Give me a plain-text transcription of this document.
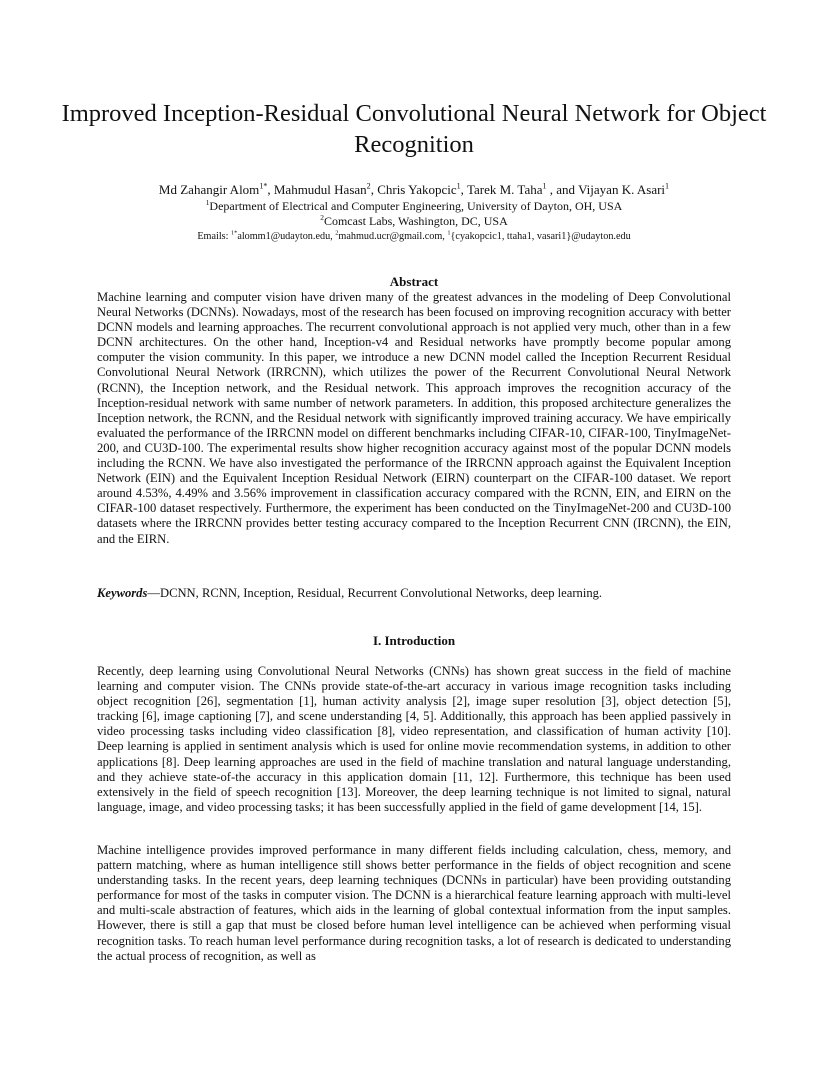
Improved Inception-Residual Convolutional Neural Network for Object Recognition
Md Zahangir Alom$^{1*}$, Mahmudul Hasan$^2$, Chris Yakopcic$^1$, Tarek M. Taha$^1$ , and Vijayan K. Asari$^1$
$^1$Department of Electrical and Computer Engineering, University of Dayton, OH, USA
$^2$Comcast Labs, Washington, DC, USA
Emails: $^{1*}$alomm1@udayton.edu, $^2$mahmud.ucr@gmail.com, $^1${cyakopcic1, ttaha1, vasari1}@udayton.edu
Abstract

Machine learning and computer vision have driven many of the greatest advances in the modeling of Deep Convolutional Neural Networks (DCNNs). Nowadays, most of the research has been focused on improving recognition accuracy with better DCNN models and learning approaches. The recurrent convolutional approach is not applied very much, other than in a few DCNN architectures. On the other hand, Inception-v4 and Residual networks have promptly become popular among computer the vision community. In this paper, we introduce a new DCNN model called the Inception Recurrent Residual Convolutional Neural Network (IRRCNN), which utilizes the power of the Recurrent Convolutional Neural Network (RCNN), the Inception network, and the Residual network. This approach improves the recognition accuracy of the Inception-residual network with same number of network parameters. In addition, this proposed architecture generalizes the Inception network, the RCNN, and the Residual network with significantly improved training accuracy. We have empirically evaluated the performance of the IRRCNN model on different benchmarks including CIFAR-10, CIFAR-100, TinyImageNet-200, and CU3D-100. The experimental results show higher recognition accuracy against most of the popular DCNN models including the RCNN. We have also investigated the performance of the IRRCNN approach against the Equivalent Inception Network (EIN) and the Equivalent Inception Residual Network (EIRN) counterpart on the CIFAR-100 dataset. We report around 4.53%, 4.49% and 3.56% improvement in classification accuracy compared with the RCNN, EIN, and EIRN on the CIFAR-100 dataset respectively. Furthermore, the experiment has been conducted on the TinyImageNet-200 and CU3D-100 datasets where the IRRCNN provides better testing accuracy compared to the Inception Recurrent CNN (IRCNN), the EIN, and the EIRN.

Keywords—DCNN, RCNN, Inception, Residual, Recurrent Convolutional Networks, deep learning.

I. Introduction

Recently, deep learning using Convolutional Neural Networks (CNNs) has shown great success in the field of machine learning and computer vision. The CNNs provide state-of-the-art accuracy in various image recognition tasks including object recognition [26], segmentation [1], human activity analysis [2], image super resolution [3], object detection [5], tracking [6], image captioning [7], and scene understanding [4, 5]. Additionally, this approach has been applied passively in video processing tasks including video classification [8], video representation, and classification of human activity [10]. Deep learning is applied in sentiment analysis which is used for online movie recommendation systems, in addition to other applications [8]. Deep learning approaches are used in the field of machine translation and natural language understanding, and they achieve state-of-the accuracy in this application domain [11, 12]. Furthermore, this technique has been used extensively in the field of speech recognition [13]. Moreover, the deep learning technique is not limited to signal, natural language, image, and video processing tasks; it has been successfully applied in the field of game development [14, 15].

Machine intelligence provides improved performance in many different fields including calculation, chess, memory, and pattern matching, where as human intelligence still shows better performance in the fields of object recognition and scene understanding tasks. In the recent years, deep learning techniques (DCNNs in particular) have been providing outstanding performance for most of the tasks in computer vision. The DCNN is a hierarchical feature learning approach with multi-level and multi-scale abstraction of features, which aids in the learning of global contextual information from the input samples. However, there is still a gap that must be closed before human level intelligence can be achieved when performing visual recognition tasks. To reach human level performance during recognition tasks, a lot of research is dedicated to understanding the actual process of recognition, as well as
